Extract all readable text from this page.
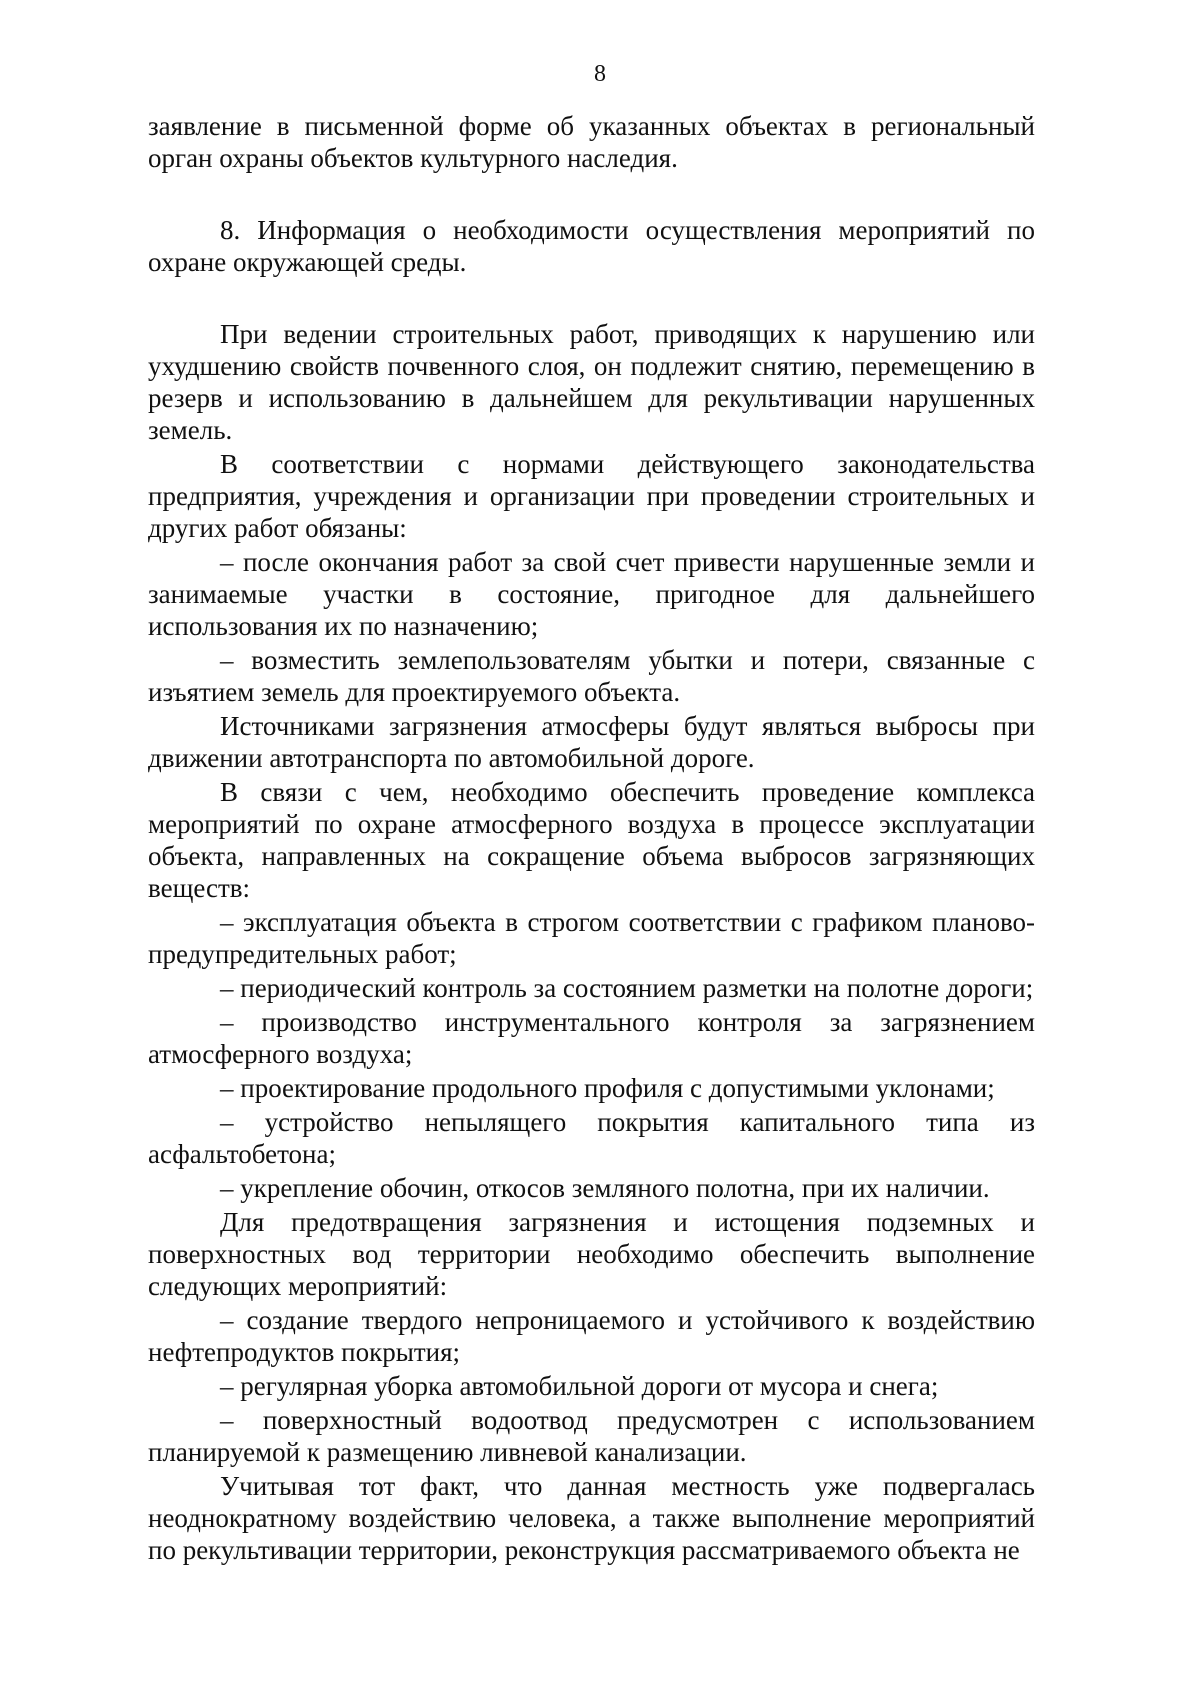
8

заявление в письменной форме об указанных объектах в региональный орган охраны объектов культурного наследия.

8. Информация о необходимости осуществления мероприятий по охране окружающей среды.

При ведении строительных работ, приводящих к нарушению или ухудшению свойств почвенного слоя, он подлежит снятию, перемещению в резерв и использованию в дальнейшем для рекультивации нарушенных земель.

В соответствии с нормами действующего законодательства предприятия, учреждения и организации при проведении строительных и других работ обязаны:

– после окончания работ за свой счет привести нарушенные земли и занимаемые участки в состояние, пригодное для дальнейшего использования их по назначению;

– возместить землепользователям убытки и потери, связанные с изъятием земель для проектируемого объекта.

Источниками загрязнения атмосферы будут являться выбросы при движении автотранспорта по автомобильной дороге.

В связи с чем, необходимо обеспечить проведение комплекса мероприятий по охране атмосферного воздуха в процессе эксплуатации объекта, направленных на сокращение объема выбросов загрязняющих веществ:

– эксплуатация объекта в строгом соответствии с графиком планово-предупредительных работ;

– периодический контроль за состоянием разметки на полотне дороги;

– производство инструментального контроля за загрязнением атмосферного воздуха;

– проектирование продольного профиля с допустимыми уклонами;

– устройство непылящего покрытия капитального типа из асфальтобетона;

– укрепление обочин, откосов земляного полотна, при их наличии.

Для предотвращения загрязнения и истощения подземных и поверхностных вод территории необходимо обеспечить выполнение следующих мероприятий:

– создание твердого непроницаемого и устойчивого к воздействию нефтепродуктов покрытия;

– регулярная уборка автомобильной дороги от мусора и снега;

– поверхностный водоотвод предусмотрен с использованием планируемой к размещению ливневой канализации.

Учитывая тот факт, что данная местность уже подвергалась неоднократному воздействию человека, а также выполнение мероприятий по рекультивации территории, реконструкция рассматриваемого объекта не
